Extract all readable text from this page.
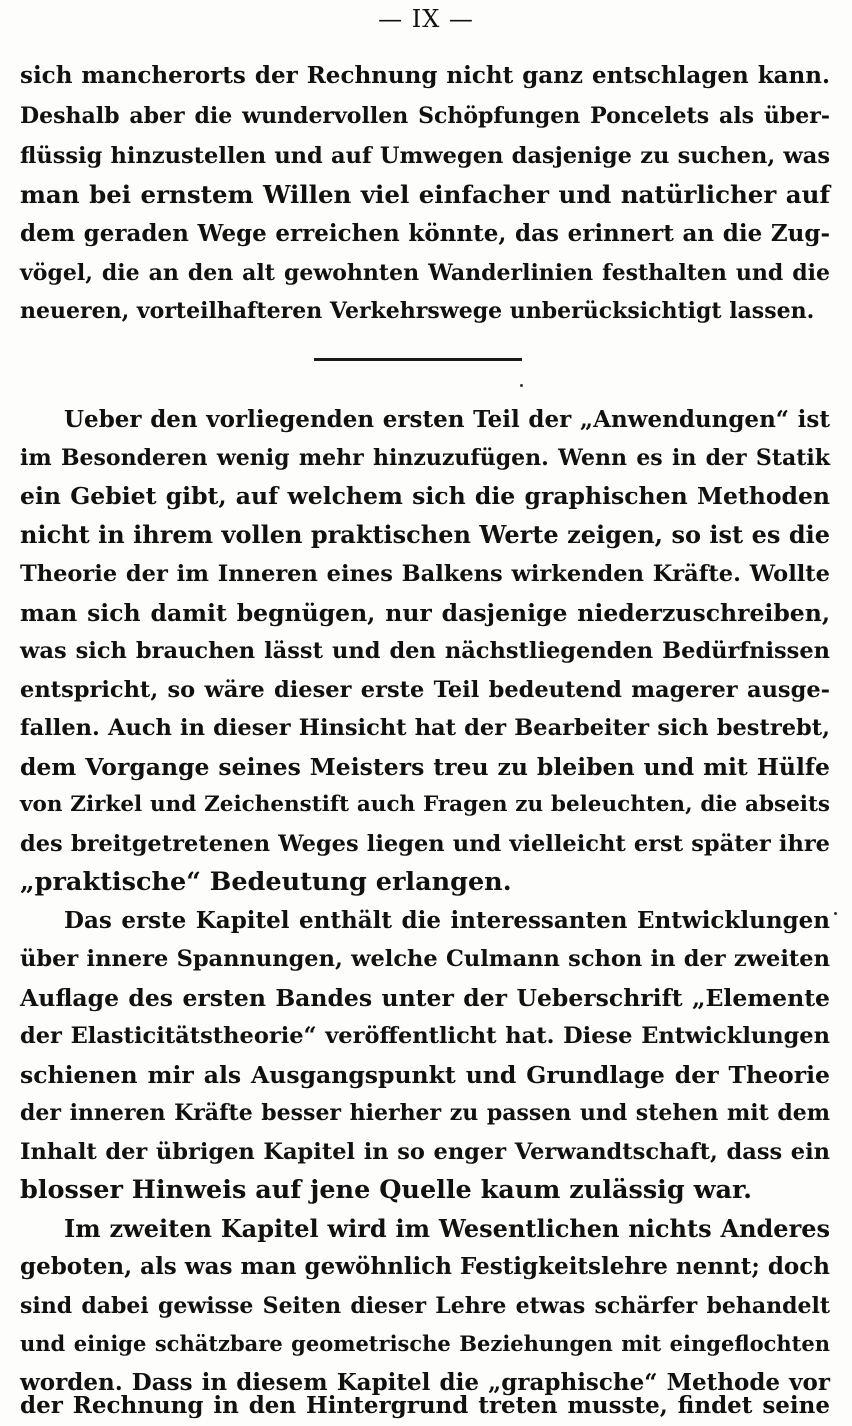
— IX —
sich mancherorts der Rechnung nicht ganz entschlagen kann.
Deshalb aber die wundervollen Schöpfungen Poncelets als über-
flüssig hinzustellen und auf Umwegen dasjenige zu suchen, was
man bei ernstem Willen viel einfacher und natürlicher auf
dem geraden Wege erreichen könnte, das erinnert an die Zug-
vögel, die an den alt gewohnten Wanderlinien festhalten und die
neueren, vorteilhafteren Verkehrswege unberücksichtigt lassen.
Ueber den vorliegenden ersten Teil der „Anwendungen“ ist
im Besonderen wenig mehr hinzuzufügen. Wenn es in der Statik
ein Gebiet gibt, auf welchem sich die graphischen Methoden
nicht in ihrem vollen praktischen Werte zeigen, so ist es die
Theorie der im Inneren eines Balkens wirkenden Kräfte. Wollte
man sich damit begnügen, nur dasjenige niederzuschreiben,
was sich brauchen lässt und den nächstliegenden Bedürfnissen
entspricht, so wäre dieser erste Teil bedeutend magerer ausge-
fallen. Auch in dieser Hinsicht hat der Bearbeiter sich bestrebt,
dem Vorgange seines Meisters treu zu bleiben und mit Hülfe
von Zirkel und Zeichenstift auch Fragen zu beleuchten, die abseits
des breitgetretenen Weges liegen und vielleicht erst später ihre
„praktische“ Bedeutung erlangen.
Das erste Kapitel enthält die interessanten Entwicklungen
über innere Spannungen, welche Culmann schon in der zweiten
Auflage des ersten Bandes unter der Ueberschrift „Elemente
der Elasticitätstheorie“ veröffentlicht hat. Diese Entwicklungen
schienen mir als Ausgangspunkt und Grundlage der Theorie
der inneren Kräfte besser hierher zu passen und stehen mit dem
Inhalt der übrigen Kapitel in so enger Verwandtschaft, dass ein
blosser Hinweis auf jene Quelle kaum zulässig war.
Im zweiten Kapitel wird im Wesentlichen nichts Anderes
geboten, als was man gewöhnlich Festigkeitslehre nennt; doch
sind dabei gewisse Seiten dieser Lehre etwas schärfer behandelt
und einige schätzbare geometrische Beziehungen mit eingeflochten
worden. Dass in diesem Kapitel die „graphische“ Methode vor
der Rechnung in den Hintergrund treten musste, findet seine
